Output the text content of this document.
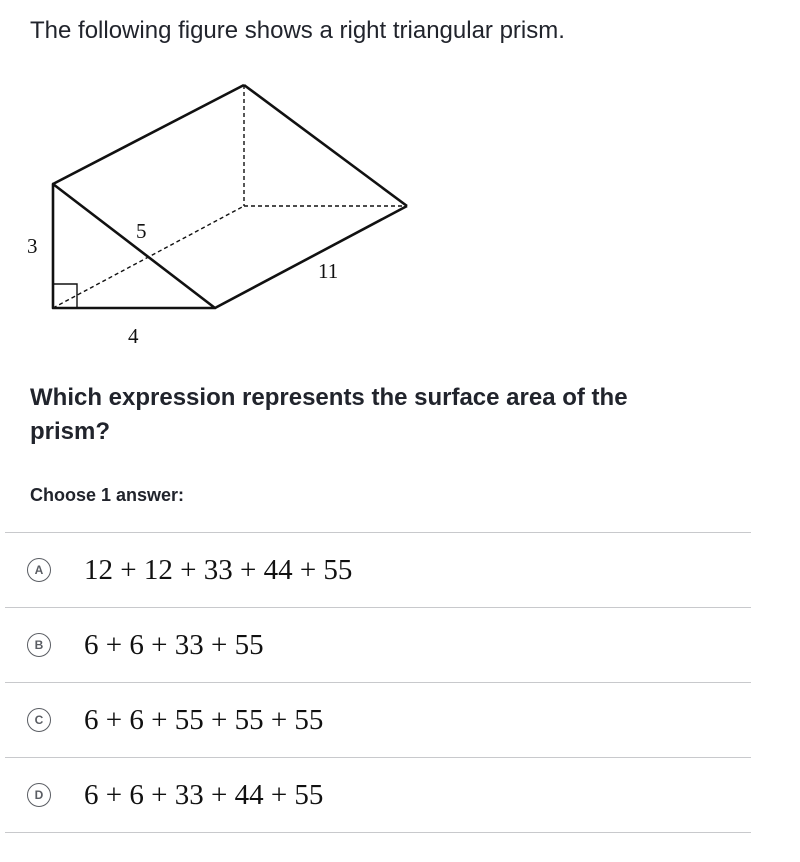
The following figure shows a right triangular prism.
3
5
11
4
Which expression represents the surface area of the prism?
Choose 1 answer:
A 12 + 12 + 33 + 44 + 55
B 6 + 6 + 33 + 55
C 6 + 6 + 55 + 55 + 55
D 6 + 6 + 33 + 44 + 55
